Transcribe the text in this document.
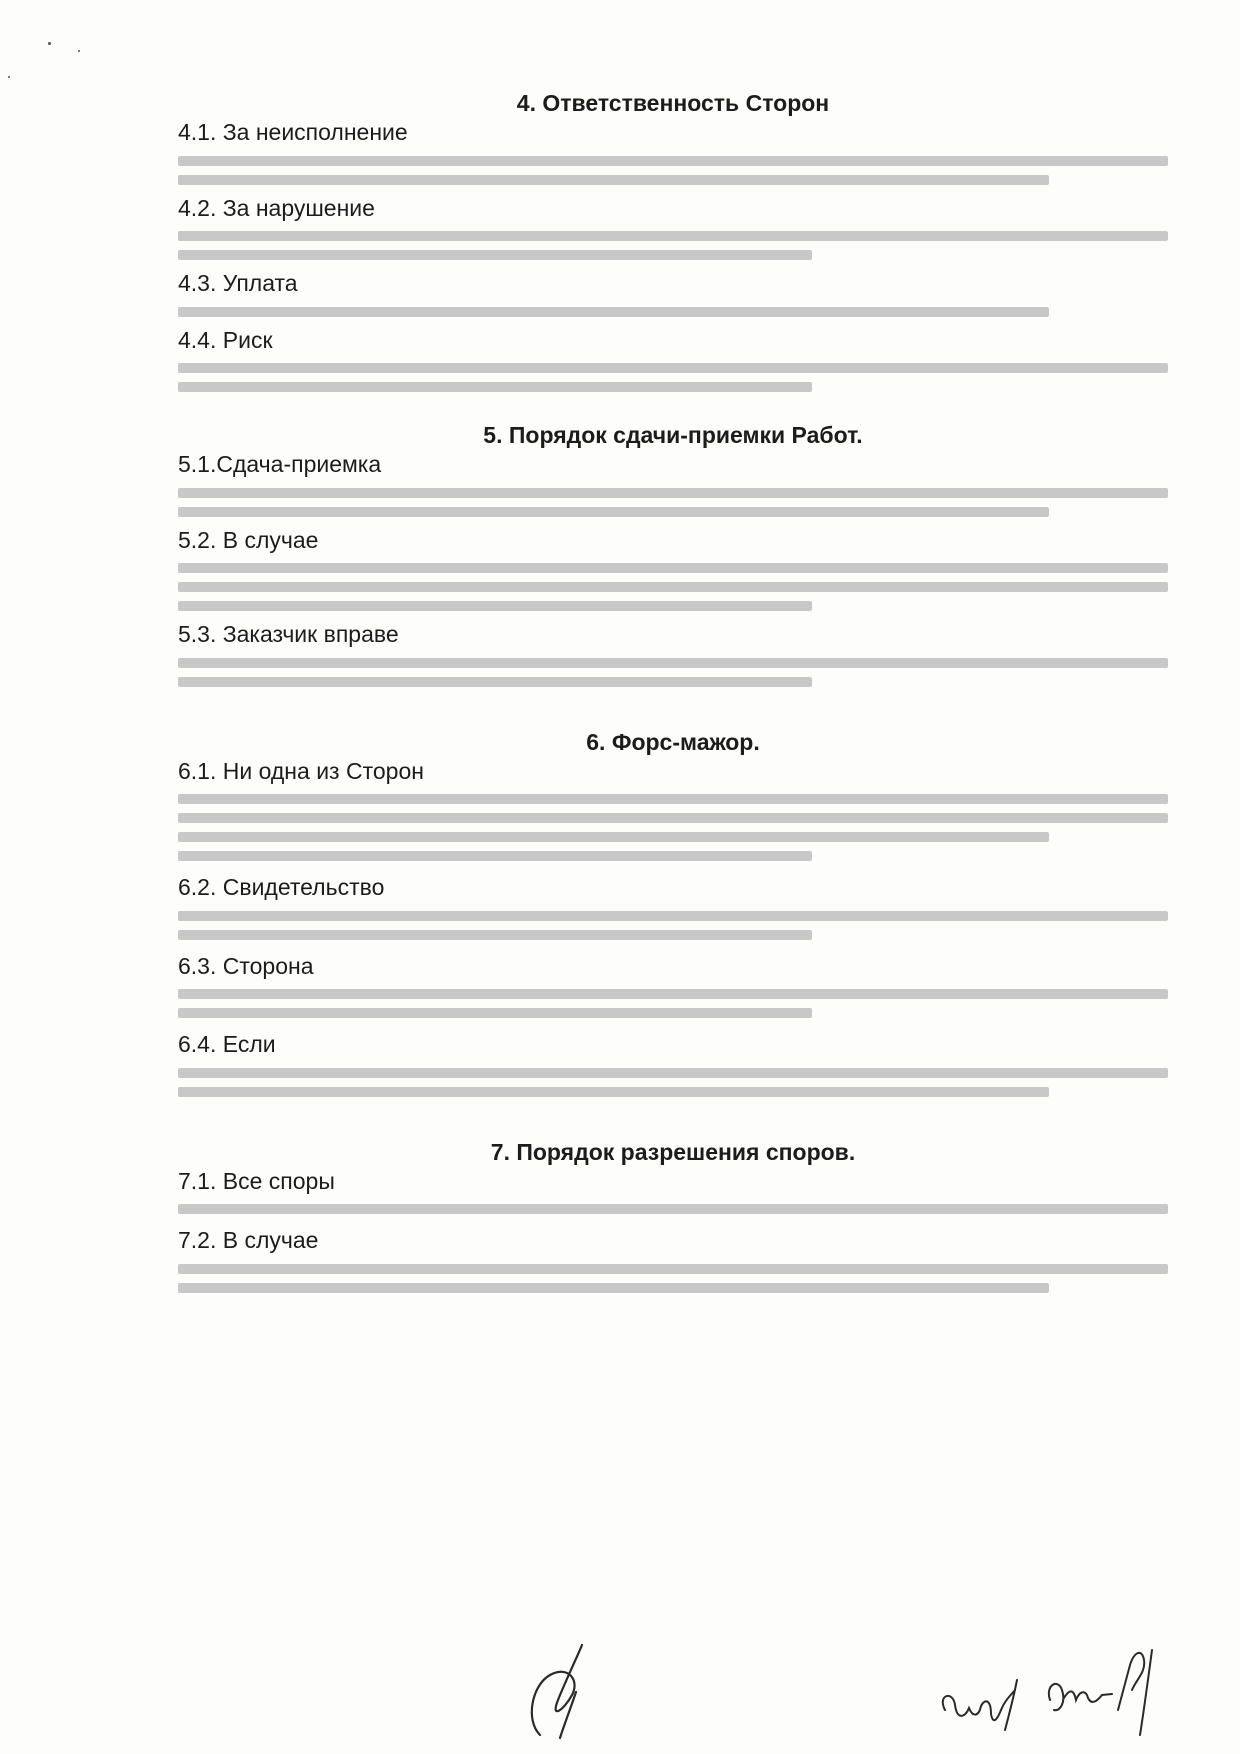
4. Ответственность Сторон

4.1. За неисполнение

4.2. За нарушение

4.3. Уплата

4.4. Риск

5. Порядок сдачи-приемки Работ.

5.1.Сдача-приемка

5.2. В случае

5.3. Заказчик вправе

6. Форс-мажор.

6.1. Ни одна из Сторон

6.2. Свидетельство

6.3. Сторона

6.4. Если

7. Порядок разрешения споров.

7.1. Все споры

7.2. В случае
